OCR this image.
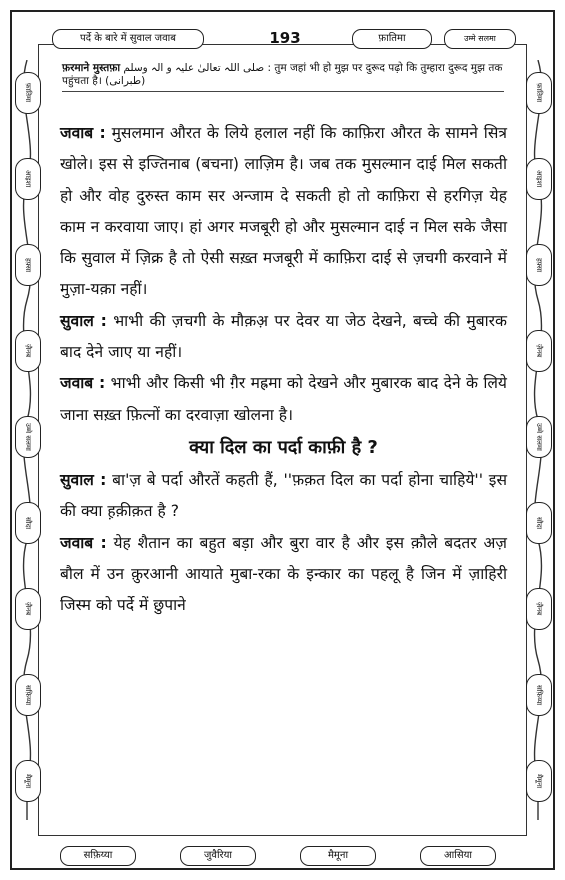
फ़ातिमा
आइशा
हफ़्सा
ज़ैनब
उम्मे सलमा
सौदा
ज़ैनब
सफ़िय्या
मैमूना
फ़ातिमा
आइशा
हफ़्सा
ज़ैनब
उम्मे सलमा
सौदा
ज़ैनब
सफ़िय्या
मैमूना
पर्दे के बारे में सुवाल जवाब	193	फ़ातिमा	उम्मे सलमा
फ़रमाने मुस्तफ़ा صلی اللہ تعالیٰ علیہ و الہ وسلم : तुम जहां भी हो मुझ पर दुरूद पढ़ो कि तुम्हारा दुरूद मुझ तक पहुंचता है। (طبرانی)

जवाब : मुसलमान औरत के लिये हलाल नहीं कि काफ़िरा औरत के सामने सित्र खोले। इस से इज्तिनाब (बचना) लाज़िम है। जब तक मुसल्मान दाई मिल सकती हो और वोह दुरुस्त काम सर अन्जाम दे सकती हो तो काफ़िरा से हरगिज़ येह काम न करवाया जाए। हां अगर मजबूरी हो और मुसल्मान दाई न मिल सके जैसा कि सुवाल में ज़िक्र है तो ऐसी सख़्त मजबूरी में काफ़िरा दाई से ज़चगी करवाने में मुज़ा-यक़ा नहीं।

सुवाल : भाभी की ज़चगी के मौक़अ़ पर देवर या जेठ देखने, बच्चे की मुबारक बाद देने जाए या नहीं।

जवाब : भाभी और किसी भी ग़ैर मह्रमा को देखने और मुबारक बाद देने के लिये जाना सख़्त फ़ित्नों का दरवाज़ा खोलना है।

क्या दिल का पर्दा काफ़ी है ?

सुवाल : बा'ज़ बे पर्दा औरतें कहती हैं, ''फ़क़त दिल का पर्दा होना चाहिये'' इस की क्या ह़क़ीक़त है ?

जवाब : येह शैतान का बहुत बड़ा और बुरा वार है और इस क़ौले बदतर अज़ बौल में उन क़ुरआनी आयाते मुबा-रका के इन्कार का पहलू है जिन में ज़ाहिरी जिस्म को पर्दे में छुपाने

सफ़िय्या	जुवैरिया	मैमूना	आसिया
